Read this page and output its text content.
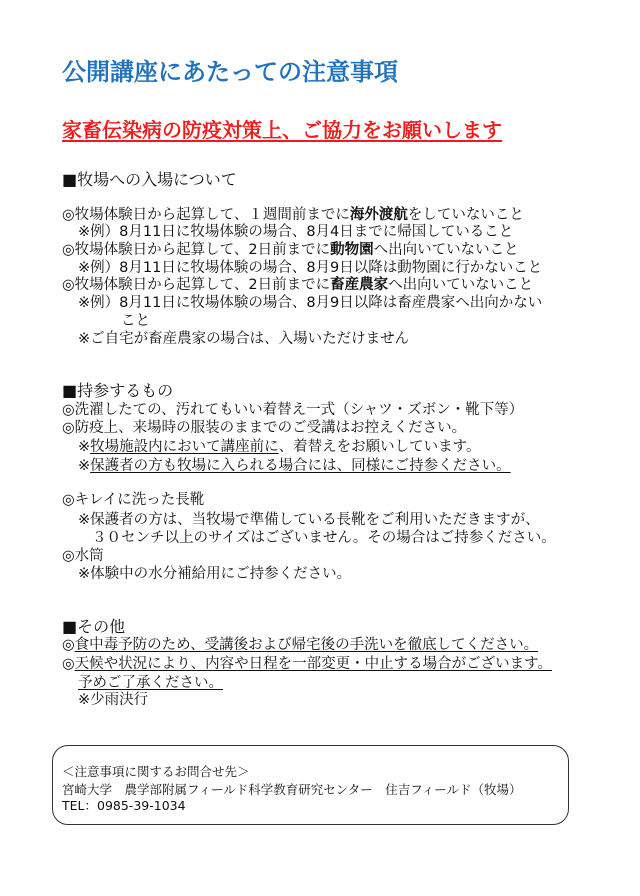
公開講座にあたっての注意事項
家畜伝染病の防疫対策上、ご協力をお願いします
■牧場への入場について
◎牧場体験日から起算して、１週間前までに海外渡航をしていないこと
※例）8月11日に牧場体験の場合、8月4日までに帰国していること
◎牧場体験日から起算して、2日前までに動物園へ出向いていないこと
※例）8月11日に牧場体験の場合、8月9日以降は動物園に行かないこと
◎牧場体験日から起算して、2日前までに畜産農家へ出向いていないこと
※例）8月11日に牧場体験の場合、8月9日以降は畜産農家へ出向かない
こと
※ご自宅が畜産農家の場合は、入場いただけません
■持参するもの
◎洗濯したての、汚れてもいい着替え一式（シャツ・ズボン・靴下等）
◎防疫上、来場時の服装のままでのご受講はお控えください。
※牧場施設内において講座前に、着替えをお願いしています。
※保護者の方も牧場に入られる場合には、同様にご持参ください。
◎キレイに洗った長靴
※保護者の方は、当牧場で準備している長靴をご利用いただきますが、
３０センチ以上のサイズはございません。その場合はご持参ください。
◎水筒
※体験中の水分補給用にご持参ください。
■その他
◎食中毒予防のため、受講後および帰宅後の手洗いを徹底してください。
◎天候や状況により、内容や日程を一部変更・中止する場合がございます。
予めご了承ください。
※少雨決行
＜注意事項に関するお問合せ先＞
宮崎大学　農学部附属フィールド科学教育研究センター　住吉フィールド（牧場）
TEL：0985-39-1034
